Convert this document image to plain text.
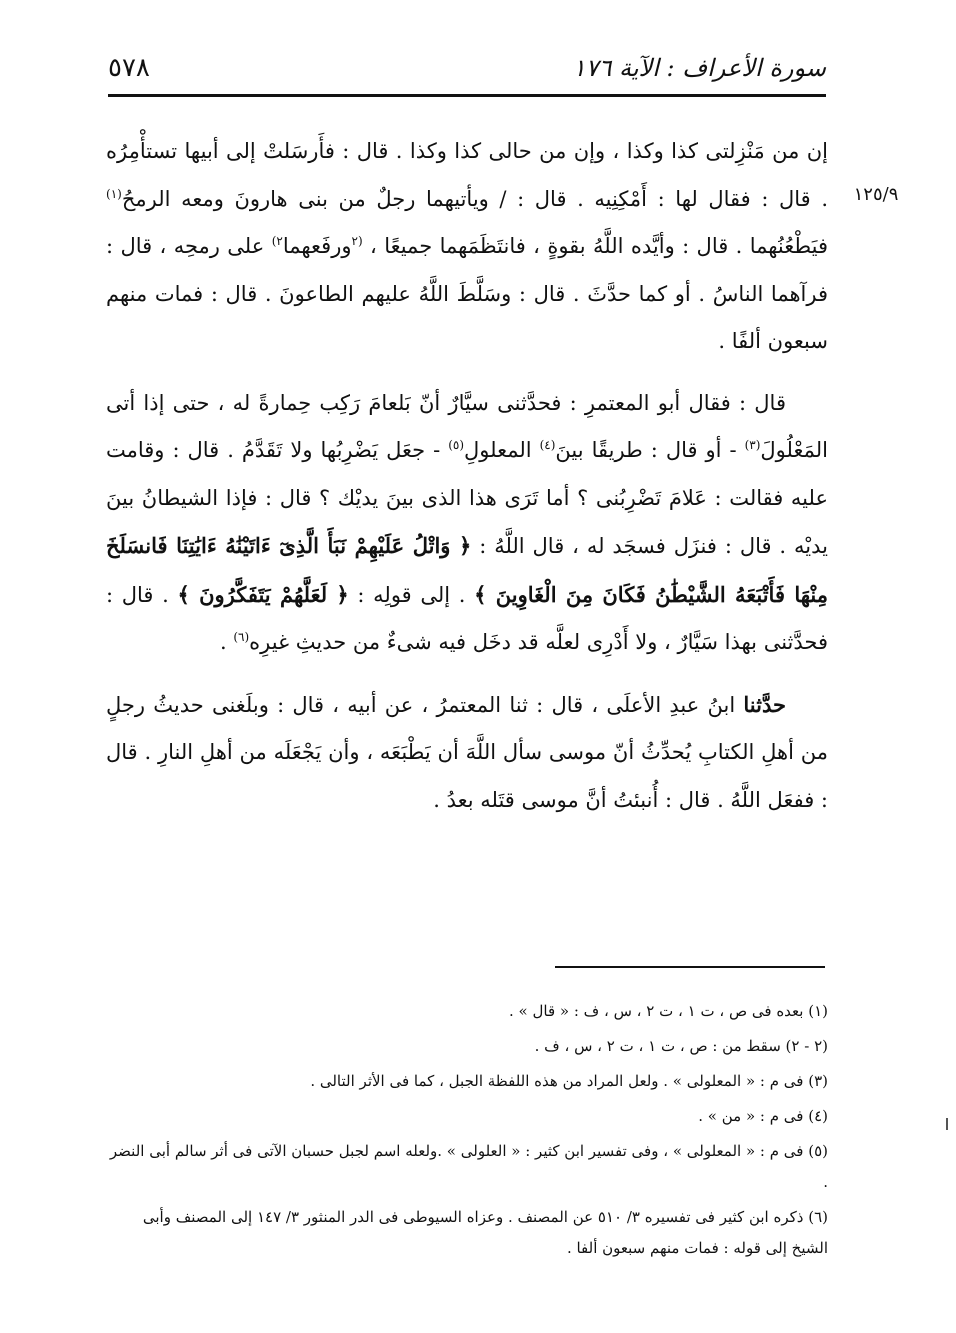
سورة الأعراف : الآية ١٧٦
٥٧٨
١٢٥/٩

إن من مَنْزِلتى كذا وكذا ، وإن من حالى كذا وكذا . قال : فأَرسَلتْ إلى أبيها تستأْمِرُه . قال : فقال لها : أَمْكِنِيه . قال : / ويأتيهما رجلٌ من بنى هارونَ ومعه الرمحُ$^{(١)}$ فيَطْعُنُهما . قال : وأيَّده اللَّهُ بقوةٍ ، فانتَظَمَهما جميعًا ، $^{(٢}$ورفَعهما$^{٢)}$ على رمحِه ، قال : فرآهما الناسُ . أو كما حدَّثَ . قال : وسَلَّطَ اللَّهُ عليهم الطاعونَ . قال : فمات منهم سبعون ألفًا .

قال : فقال أبو المعتمرِ : فحدَّثنى سيَّارٌ أنّ بَلعامَ رَكِب حِمارةً له ، حتى إذا أتى المَعْلُولَ$^{(٣)}$ - أو قال : طريقًا بينَ$^{(٤)}$ المعلولِ$^{(٥)}$ - جعَل يَضْرِبُها ولا تَقَدَّمُ . قال : وقامت عليه فقالت : عَلامَ تَضْرِبُنى ؟ أما تَرَى هذا الذى بينَ يديْك ؟ قال : فإذا الشيطانُ بينَ يديْه . قال : فنزَل فسجَد له ، قال اللَّهُ : ﴿ وَاتْلُ عَلَيْهِمْ نَبَأَ الَّذِىٓ ءَاتَيْنَٰهُ ءَايَٰتِنَا فَانسَلَخَ مِنْهَا فَأَتْبَعَهُ الشَّيْطَٰنُ فَكَانَ مِنَ الْغَاوِينَ ﴾ . إلى قولِه : ﴿ لَعَلَّهُمْ يَتَفَكَّرُونَ ﴾ . قال : فحدَّثنى بهذا سَيَّارٌ ، ولا أَدْرِى لعلَّه قد دخَل فيه شىءٌ من حديثِ غيرِه$^{(٦)}$ .

حدَّثنا ابنُ عبدِ الأعلَى ، قال : ثنا المعتمرُ ، عن أبيه ، قال : وبلَغنى حديثُ رجلٍ من أهلِ الكتابِ يُحدِّثُ أنّ موسى سأل اللَّهَ أن يَطْبَعَه ، وأن يَجْعَلَه من أهلِ النارِ . قال : ففعَل اللَّهُ . قال : أُنبئتُ أنَّ موسى قتَله بعدُ .

(١) بعده فى ص ، ت ١ ، ت ٢ ، س ، ف : « قال » .
(٢ - ٢) سقط من : ص ، ت ١ ، ت ٢ ، س ، ف .
(٣) فى م : « المعلولى » . ولعل المراد من هذه اللفظة الجبل ، كما فى الأثر التالى .
(٤) فى م : « من » .
(٥) فى م : « المعلولى » ، وفى تفسير ابن كثير : « العلولى » .ولعله اسم لجبل حسبان الآتى فى أثر سالم أبى النضر .
(٦) ذكره ابن كثير فى تفسيره ٣/ ٥١٠ عن المصنف . وعزاه السيوطى فى الدر المنثور ٣/ ١٤٧ إلى المصنف وأبى الشيخ إلى قوله : فمات منهم سبعون ألفا .
